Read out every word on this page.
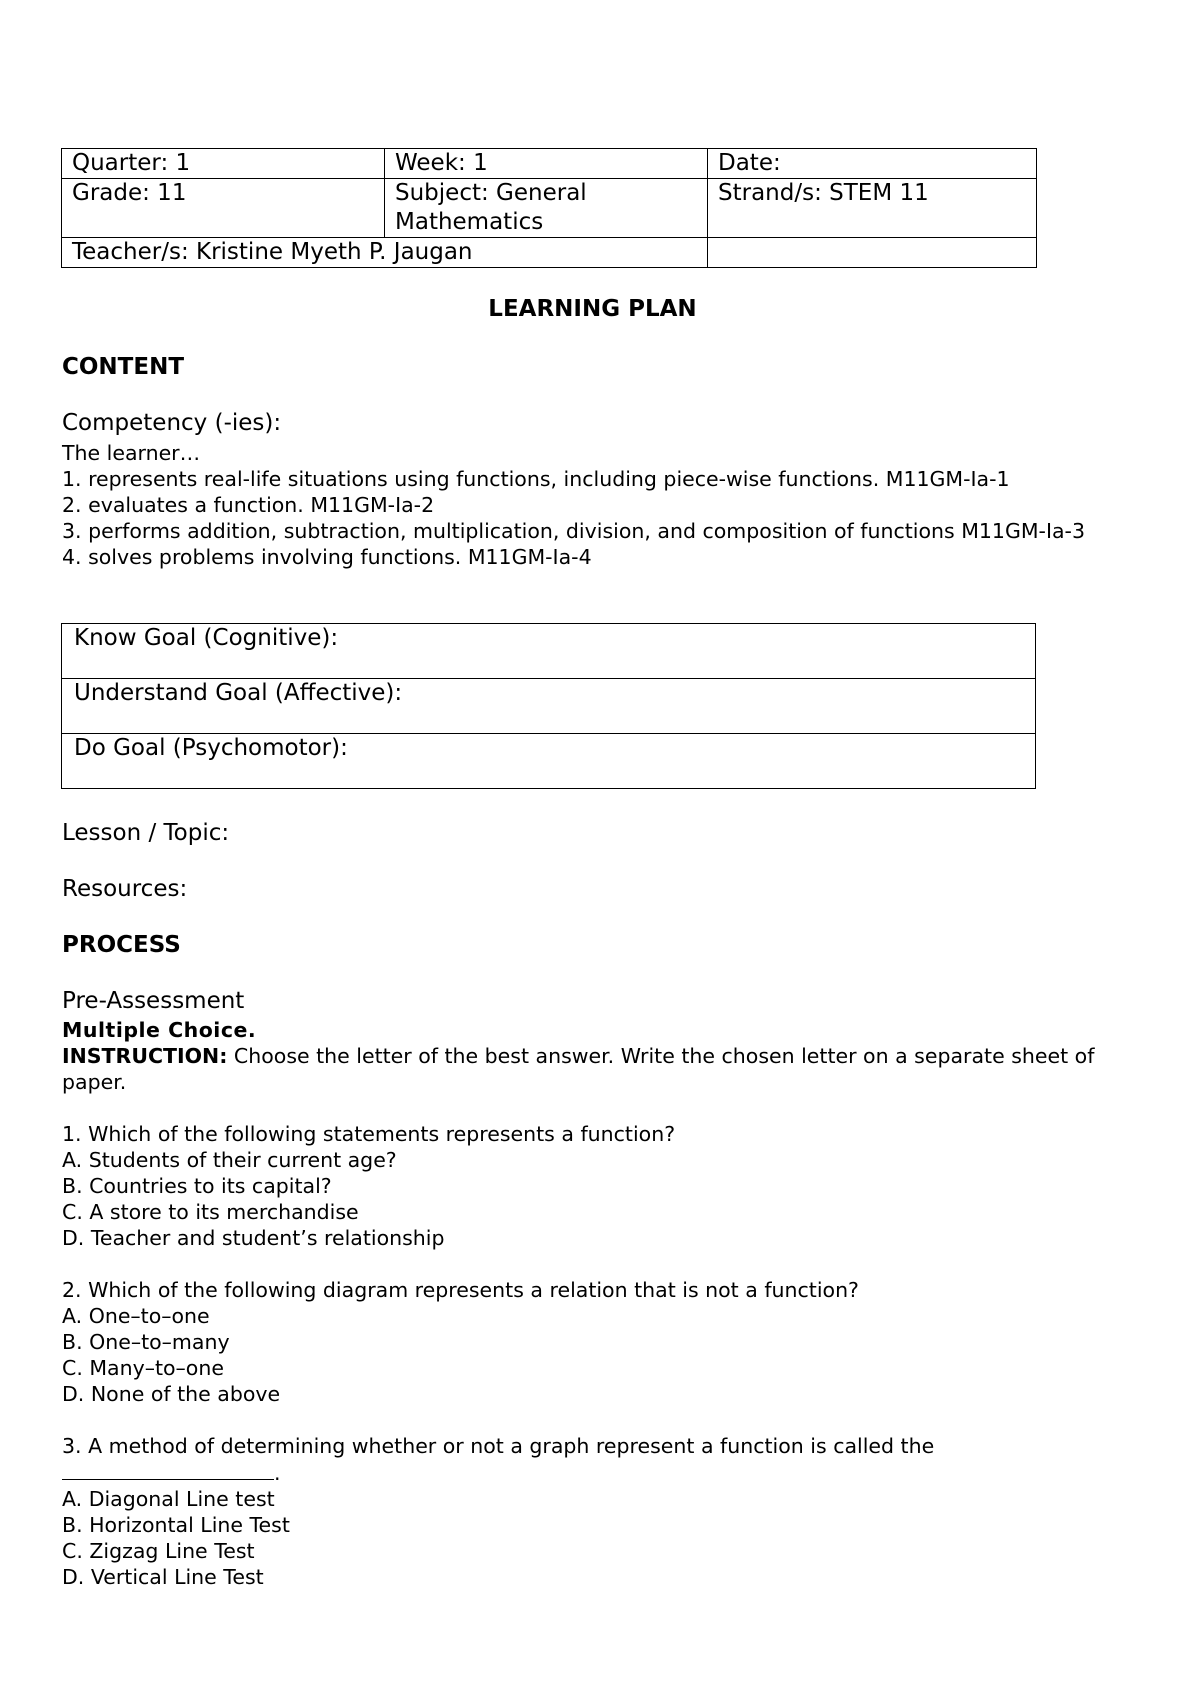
Quarter: 1	Week: 1	Date:
Grade: 11	Subject: General Mathematics	Strand/s: STEM 11
Teacher/s: Kristine Myeth P. Jaugan		
LEARNING PLAN
CONTENT
Competency (-ies):
The learner…
1. represents real-life situations using functions, including piece-wise functions. M11GM-Ia-1
2. evaluates a function. M11GM-Ia-2
3. performs addition, subtraction, multiplication, division, and composition of functions M11GM-Ia-3
4. solves problems involving functions. M11GM-Ia-4
Know Goal (Cognitive):
Understand Goal (Affective):
Do Goal (Psychomotor):
Lesson / Topic:
Resources:
PROCESS
Pre-Assessment
Multiple Choice.
INSTRUCTION: Choose the letter of the best answer. Write the chosen letter on a separate sheet of paper.
1. Which of the following statements represents a function?
A. Students of their current age?
B. Countries to its capital?
C. A store to its merchandise
D. Teacher and student’s relationship
2. Which of the following diagram represents a relation that is not a function?
A. One–to–one
B. One–to–many
C. Many–to–one
D. None of the above
3. A method of determining whether or not a graph represent a function is called the
.
A. Diagonal Line test
B. Horizontal Line Test
C. Zigzag Line Test
D. Vertical Line Test
